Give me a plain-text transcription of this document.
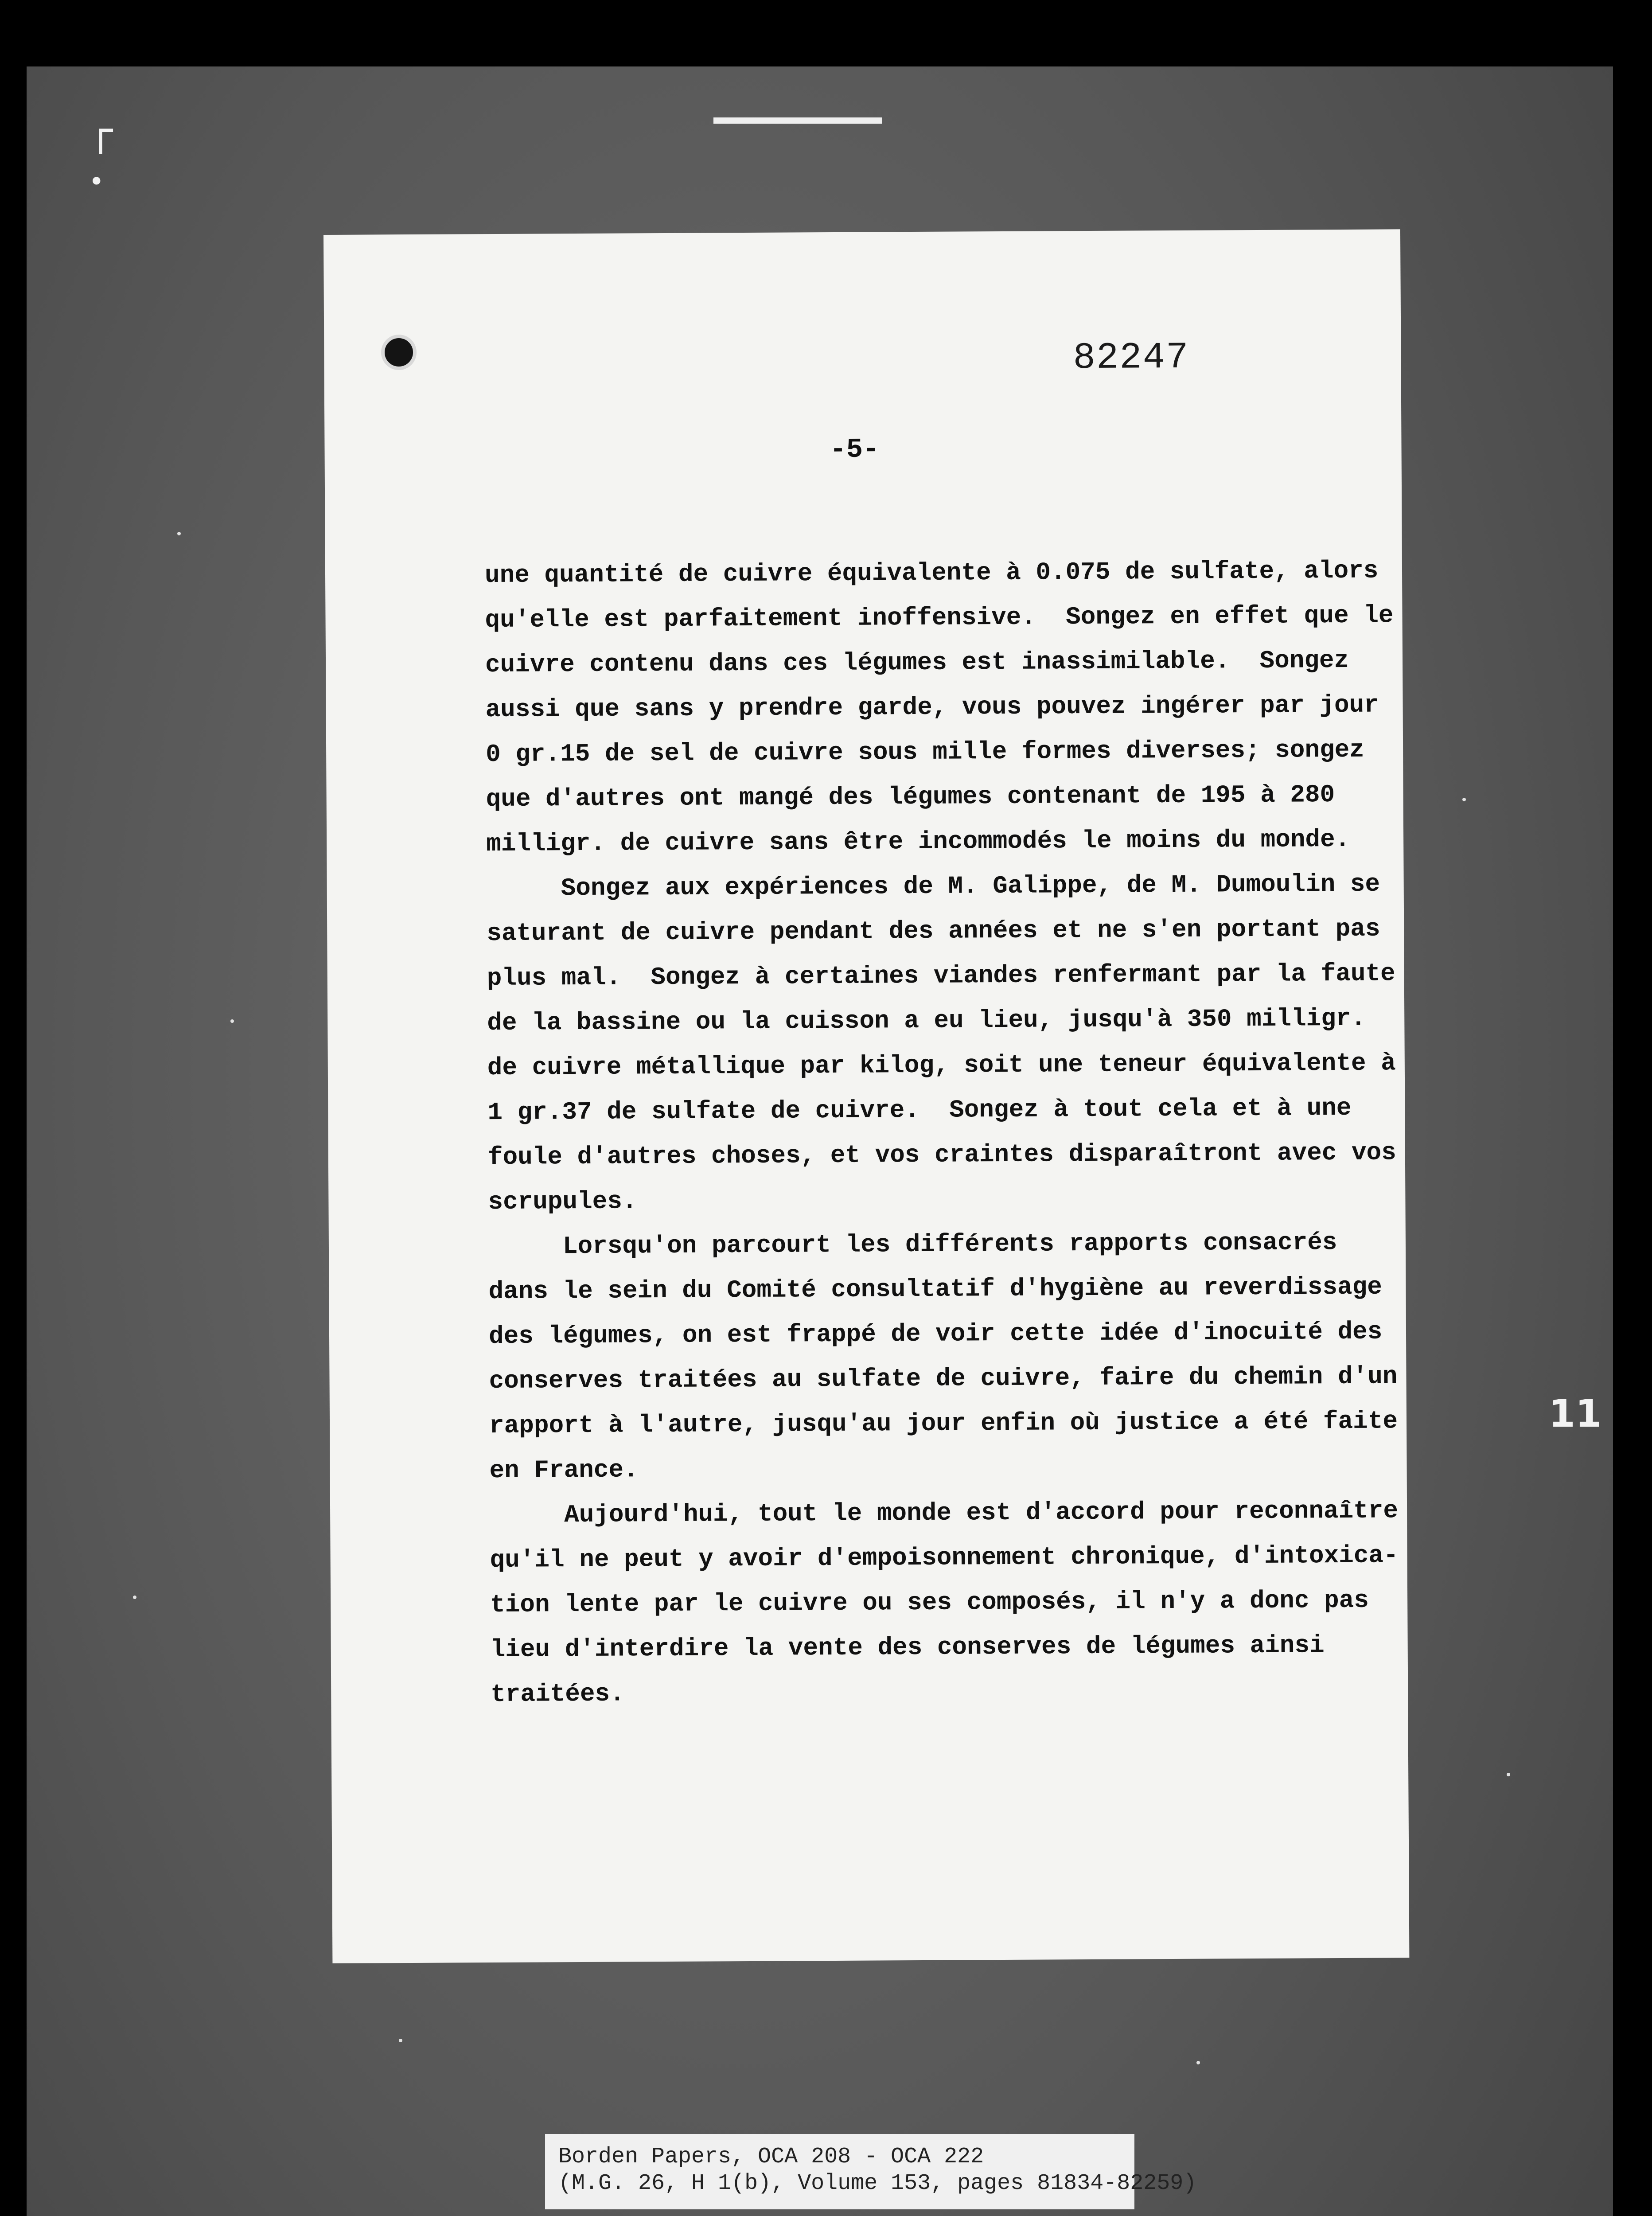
┌
•
82247
-5-
une quantité de cuivre équivalente à 0.075 de sulfate, alors
qu'elle est parfaitement inoffensive.  Songez en effet que le
cuivre contenu dans ces légumes est inassimilable.  Songez
aussi que sans y prendre garde, vous pouvez ingérer par jour
0 gr.15 de sel de cuivre sous mille formes diverses; songez
que d'autres ont mangé des légumes contenant de 195 à 280
milligr. de cuivre sans être incommodés le moins du monde.
Songez aux expériences de M. Galippe, de M. Dumoulin se
saturant de cuivre pendant des années et ne s'en portant pas
plus mal.  Songez à certaines viandes renfermant par la faute
de la bassine ou la cuisson a eu lieu, jusqu'à 350 milligr.
de cuivre métallique par kilog, soit une teneur équivalente à
1 gr.37 de sulfate de cuivre.  Songez à tout cela et à une
foule d'autres choses, et vos craintes disparaîtront avec vos
scrupules.
Lorsqu'on parcourt les différents rapports consacrés
dans le sein du Comité consultatif d'hygiène au reverdissage
des légumes, on est frappé de voir cette idée d'inocuité des
conserves traitées au sulfate de cuivre, faire du chemin d'un
rapport à l'autre, jusqu'au jour enfin où justice a été faite
en France.
Aujourd'hui, tout le monde est d'accord pour reconnaître
qu'il ne peut y avoir d'empoisonnement chronique, d'intoxica-
tion lente par le cuivre ou ses composés, il n'y a donc pas
lieu d'interdire la vente des conserves de légumes ainsi
traitées.
11
Borden Papers, OCA 208 - OCA 222
(M.G. 26, H 1(b), Volume 153, pages 81834-82259)
